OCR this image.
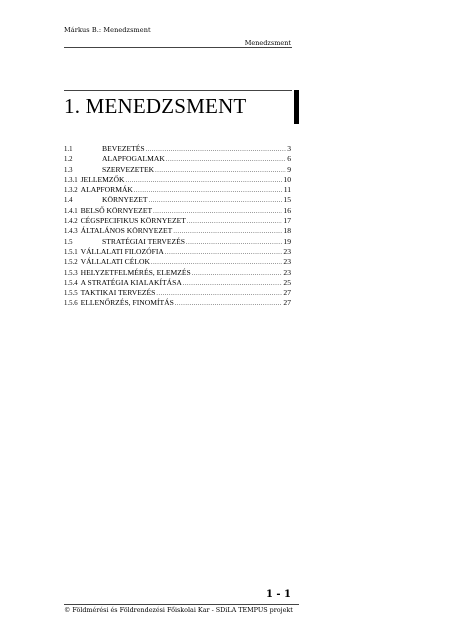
Márkus B.: Menedzsment
Menedzsment
1. MENEDZSMENT
1.1	BEVEZETÉS .....	3
1.2	ALAPFOGALMAK .....	6
1.3	SZERVEZETEK .....	9
1.3.1 JELLEMZŐK .....	10
1.3.2 ALAPFORMÁK .....	11
1.4	KÖRNYEZET .....	15
1.4.1 BELSŐ KÖRNYEZET .....	16
1.4.2 CÉGSPECIFIKUS KÖRNYEZET .....	17
1.4.3 ÁLTALÁNOS KÖRNYEZET .....	18
1.5	STRATÉGIAI TERVEZÉS .....	19
1.5.1 VÁLLALATI FILOZÓFIA .....	23
1.5.2 VÁLLALATI CÉLOK .....	23
1.5.3 HELYZETFELMÉRÉS, ELEMZÉS .....	23
1.5.4 A STRATÉGIA KIALAKÍTÁSA .....	25
1.5.5 TAKTIKAI TERVEZÉS .....	27
1.5.6 ELLENŐRZÉS, FINOMÍTÁS .....	27
1 - 1
© Földmérési és Földrendezési Főiskolai Kar - SDiLA TEMPUS projekt
